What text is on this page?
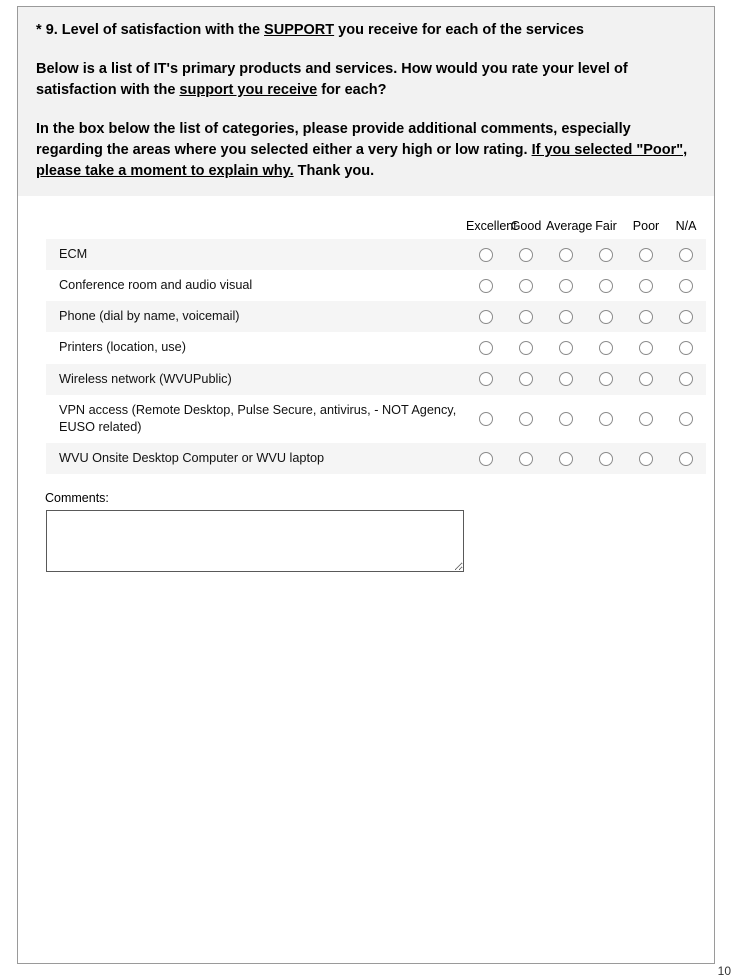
* 9. Level of satisfaction with the SUPPORT you receive for each of the services
Below is a list of IT's primary products and services. How would you rate your level of satisfaction with the support you receive for each?
In the box below the list of categories, please provide additional comments, especially regarding the areas where you selected either a very high or low rating. If you selected "Poor", please take a moment to explain why. Thank you.
	Excellent	Good	Average	Fair	Poor	N/A
ECM						
Conference room and audio visual						
Phone (dial by name, voicemail)						
Printers (location, use)						
Wireless network (WVUPublic)						
VPN access (Remote Desktop, Pulse Secure, antivirus, - NOT Agency, EUSO related)						
WVU Onsite Desktop Computer or WVU laptop						
Comments:
10
